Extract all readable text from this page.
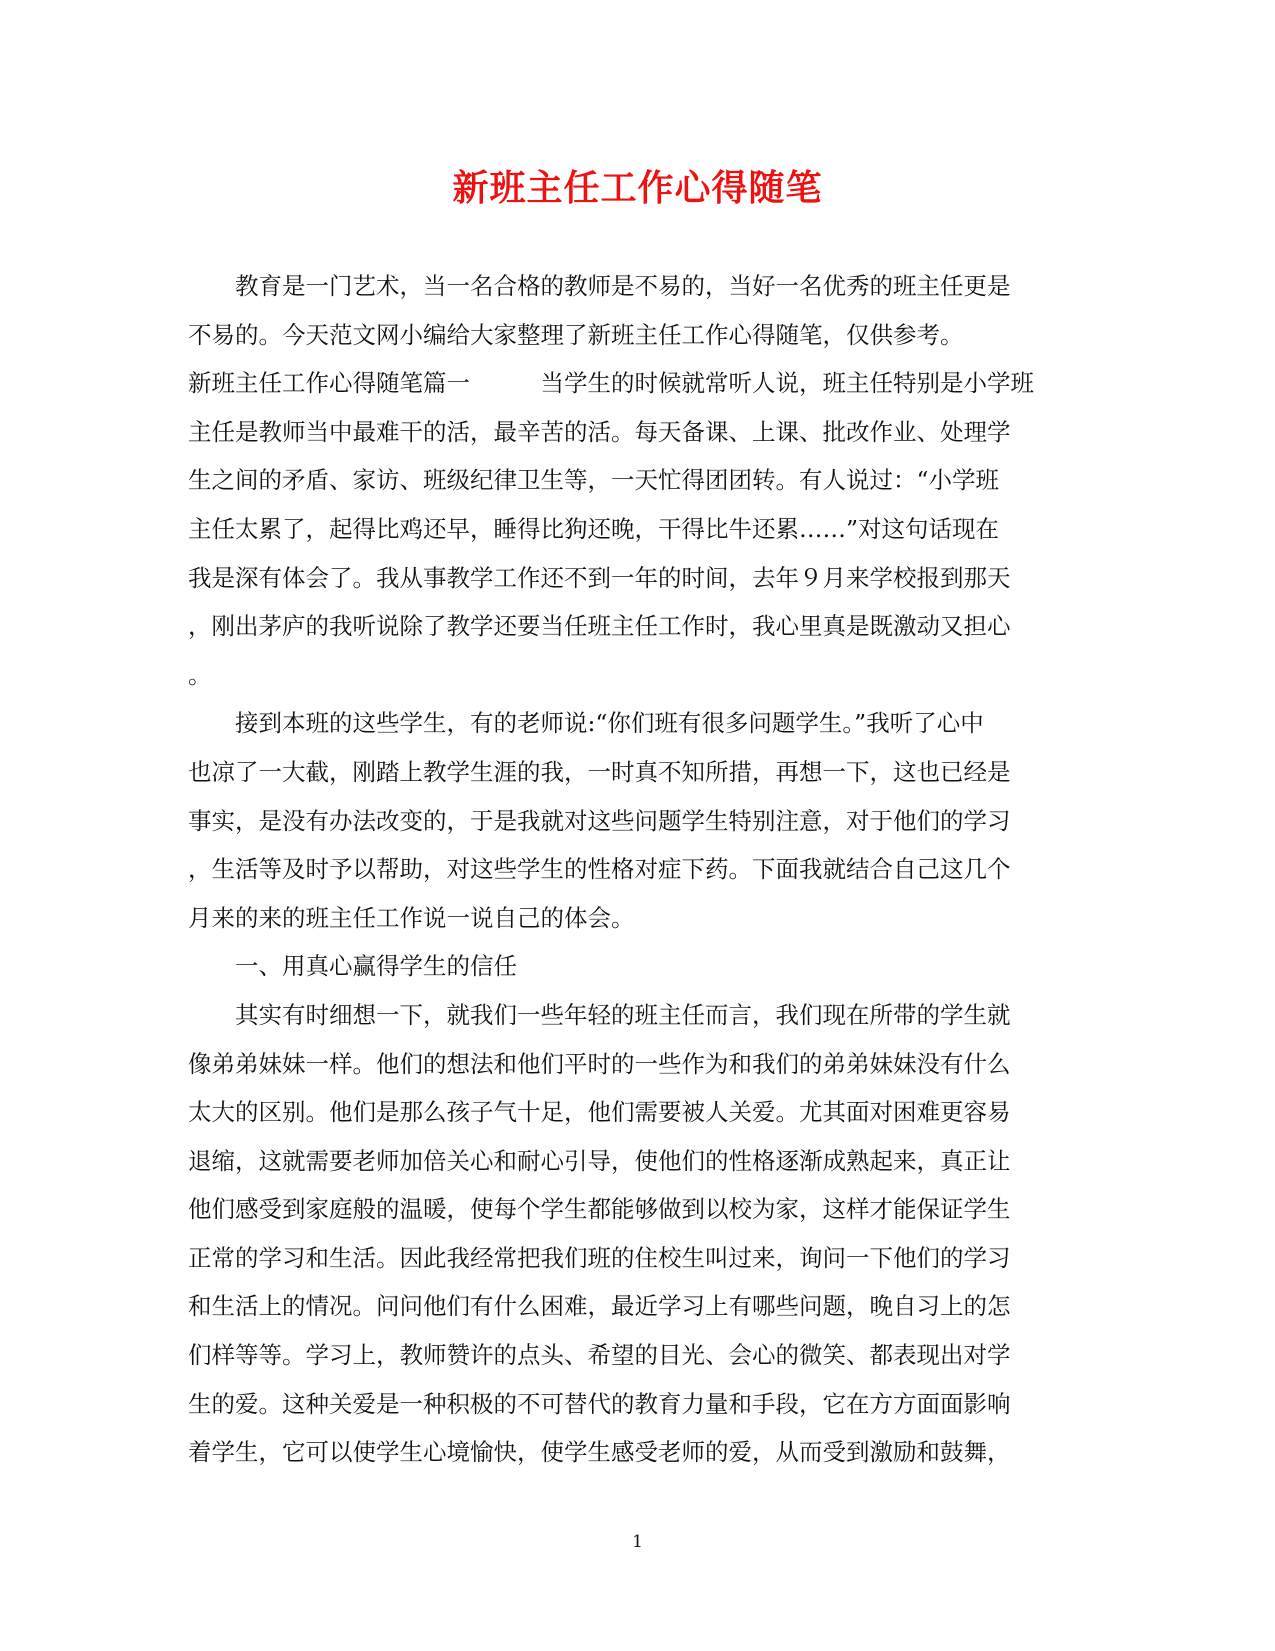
新班主任工作心得随笔
教育是一门艺术，当一名合格的教师是不易的，当好一名优秀的班主任更是
不易的。今天范文网小编给大家整理了新班主任工作心得随笔，仅供参考。
新班主任工作心得随笔篇一　　　当学生的时候就常听人说，班主任特别是小学班
主任是教师当中最难干的活，最辛苦的活。每天备课、上课、批改作业、处理学
生之间的矛盾、家访、班级纪律卫生等，一天忙得团团转。有人说过：“小学班
主任太累了，起得比鸡还早，睡得比狗还晚，干得比牛还累……”对这句话现在
我是深有体会了。我从事教学工作还不到一年的时间，去年９月来学校报到那天
，刚出茅庐的我听说除了教学还要当任班主任工作时，我心里真是既激动又担心
。
接到本班的这些学生，有的老师说:“你们班有很多问题学生。”我听了心中
也凉了一大截，刚踏上教学生涯的我，一时真不知所措，再想一下，这也已经是
事实，是没有办法改变的，于是我就对这些问题学生特别注意，对于他们的学习
，生活等及时予以帮助，对这些学生的性格对症下药。下面我就结合自己这几个
月来的来的班主任工作说一说自己的体会。
一、用真心赢得学生的信任
其实有时细想一下，就我们一些年轻的班主任而言，我们现在所带的学生就
像弟弟妹妹一样。他们的想法和他们平时的一些作为和我们的弟弟妹妹没有什么
太大的区别。他们是那么孩子气十足，他们需要被人关爱。尤其面对困难更容易
退缩，这就需要老师加倍关心和耐心引导，使他们的性格逐渐成熟起来，真正让
他们感受到家庭般的温暖，使每个学生都能够做到以校为家，这样才能保证学生
正常的学习和生活。因此我经常把我们班的住校生叫过来，询问一下他们的学习
和生活上的情况。问问他们有什么困难，最近学习上有哪些问题，晚自习上的怎
们样等等。学习上，教师赞许的点头、希望的目光、会心的微笑、都表现出对学
生的爱。这种关爱是一种积极的不可替代的教育力量和手段，它在方方面面影响
着学生，它可以使学生心境愉快，使学生感受老师的爱，从而受到激励和鼓舞，
1
